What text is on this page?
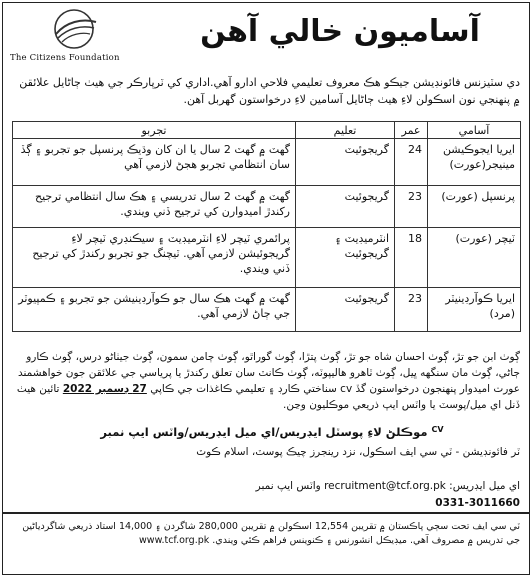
The Citizens Foundation
آسامیون خالي آهن
دي سٽيزنس فائونڊيشن جيڪو هڪ معروف تعليمي فلاحي ادارو آهي.اداري کي ٽرپارڪر جي هيٺ ڄاڻايل علائقن ۾ پنهنجي نون اسڪولن لاءِ هيٺ ڄاڻايل آسامين لاءِ درخواستون گهربل آهن.
آسامي	عمر	تعليم	تجربو
ايريا ايجوڪيشن مينيجر(عورت)	24	گريجوئيٽ	گهٽ ۾ گهٽ 2 سال يا ان کان وڌيڪ پرنسپل جو تجربو ۽ ڳڏ سان انتظامي تجربو هجڻ لازمي آهي
پرنسپل (عورت)	23	گريجوئيٽ	گهٽ ۾ گهٽ 2 سال تدريسي ۽ هڪ سال انتظامي ترجيح رکندڙ اميدوارن کي ترجيح ڏني ويندي.
ٽيچر (عورت)	18	انٽرميڊيٽ ۽ گريجوئيٽ	پرائمري ٽيچر لاءِ انٽرميڊيٽ ۽ سيڪنڊري ٽيچر لاءِ گريجوئيشن لازمي آهي. ٽيچنگ جو تجربو رکندڙ کي ترجيح ڏني ويندي.
ايريا ڪوآرڊينيٽر (مرد)	23	گريجوئيٽ	گهٽ ۾ گهٽ هڪ سال جو ڪوآرڊينيشن جو تجربو ۽ ڪمپيوٽر جي ڄاڻ لازمي آهي.
ڳوٺ ابن جو تڙ، ڳوٺ احسان شاه جو تڙ، ڳوٺ پتڙا، ڳوٺ گوراٿو، ڳوٺ ڄامن سمون، ڳوٺ جيٺاڻو درس، ڳوٺ ڪارو ڄاڻي، ڳوٺ مان سنگهه ڀيل، ڳوٺ ٽاهرو هاليپوٽه، ڳوٺ ڪانٽ سان تعلق رکندڙ يا پرياسي جي علائقن جون خواهشمند عورت اميدوار پنهنجون درخواستون گڏ cv سناختي ڪارڊ ۽ تعليمي ڪاغذات جي ڪاپي 27 ڊسمبر 2022 تائين هيٺ ڏنل اي ميل/پوسٽ يا واٽس ايپ ذريعي موڪليون وڃن.
$^{CV}$ موڪلڻ لاءِ پوسٽل ايڊريس/اي ميل ايڊريس/واٽس ايپ نمبر
ٽر فائونڊيشن - ٽي سي ايف اسڪول، نزد رينجرز چيڪ پوسٽ، اسلام ڪوٽ
اي ميل ايڊريس: recruitment@tcf.org.pk واٽس ايپ نمبر
0331-3011660
ٽي سي ايف تحت سڄي پاڪستان ۾ تقريبن 12,554 اسڪولن ۾ تقريبن 280,000 شاگردن ۽ 14,000 استاد ذريعي شاگردياڻين جي تدريس ۾ مصروف آهي. ميڊيڪل انشورنس ۽ ڪنوينس فراهم ڪئي ويندي. www.tcf.org.pk
